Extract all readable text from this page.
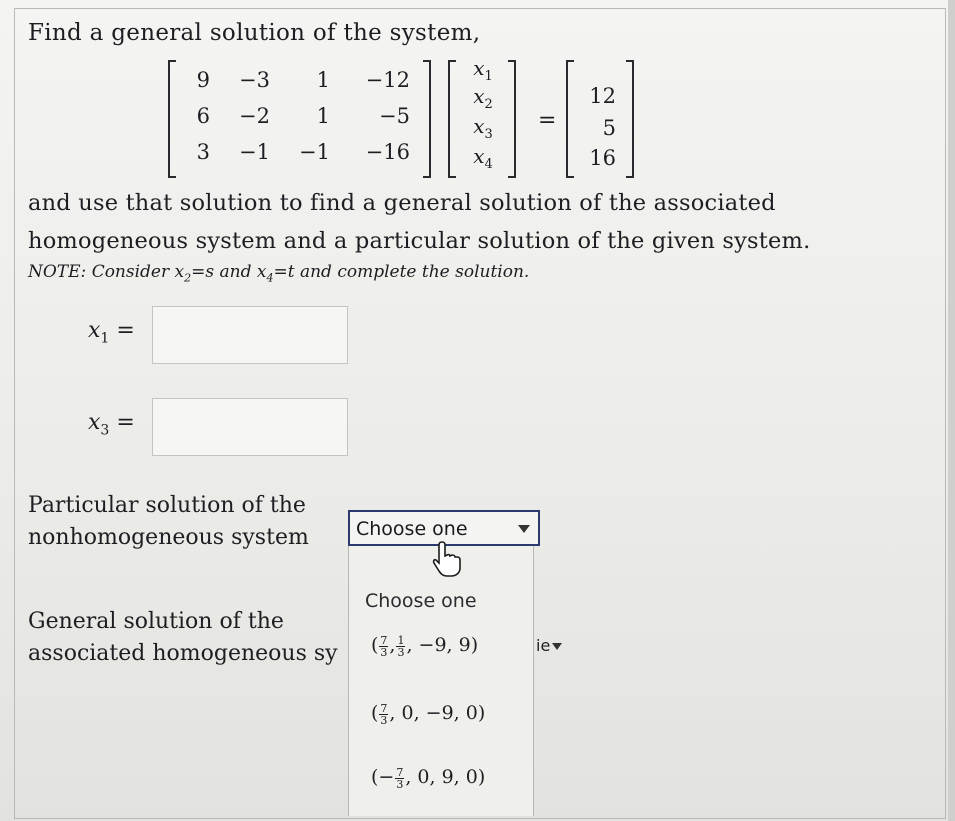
Find a general solution of the system,
9	−3	1	−12
6	−2	1	−5
3	−1	−1	−16
$x_1$
$x_2$
$x_3$
$x_4$
=
12
5
16
and use that solution to find a general solution of the associated
homogeneous system and a particular solution of the given system.
NOTE: Consider $x_2=s$ and $x_4=t$ and complete the solution.
$x_1$ =
$x_3$ =
Particular solution of the
nonhomogeneous system	Choose one
General solution of the
associated homogeneous sy	ie
Choose one
( $\frac{7}{3}$ , $\frac{1}{3}$ , −9, 9)
( $\frac{7}{3}$ , 0, −9, 0)
(− $\frac{7}{3}$ , 0, 9, 0)
